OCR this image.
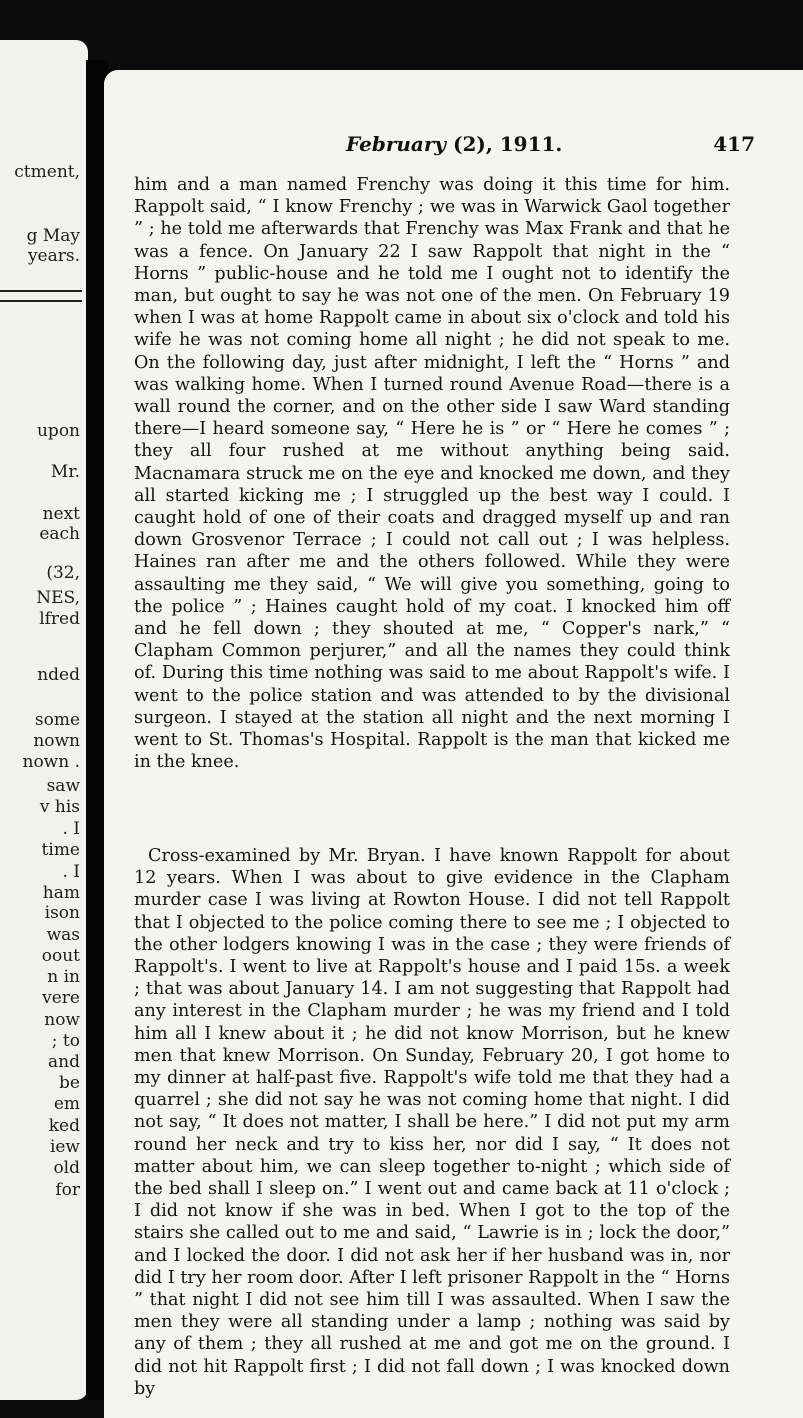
ctment,
g May
years.
upon
Mr.
next
each
(32,
NES,
lfred
nded
some
nown
nown .
saw
v his
. I
time
. I
ham
ison
was
oout
n in
vere
now
; to
and
be
em
ked
iew
old
for
February (2), 1911.	417

him and a man named Frenchy was doing it this time for him. Rappolt said, “ I know Frenchy ; we was in Warwick Gaol together ” ; he told me afterwards that Frenchy was Max Frank and that he was a fence. On January 22 I saw Rappolt that night in the “ Horns ” public-house and he told me I ought not to identify the man, but ought to say he was not one of the men. On February 19 when I was at home Rappolt came in about six o'clock and told his wife he was not coming home all night ; he did not speak to me. On the following day, just after midnight, I left the “ Horns ” and was walking home. When I turned round Avenue Road—there is a wall round the corner, and on the other side I saw Ward standing there—I heard someone say, “ Here he is ” or “ Here he comes ” ; they all four rushed at me without anything being said. Macnamara struck me on the eye and knocked me down, and they all started kicking me ; I struggled up the best way I could. I caught hold of one of their coats and dragged myself up and ran down Grosvenor Terrace ; I could not call out ; I was helpless. Haines ran after me and the others followed. While they were assaulting me they said, “ We will give you something, going to the police ” ; Haines caught hold of my coat. I knocked him off and he fell down ; they shouted at me, “ Copper's nark,” “ Clapham Common perjurer,” and all the names they could think of. During this time nothing was said to me about Rappolt's wife. I went to the police station and was attended to by the divisional surgeon. I stayed at the station all night and the next morning I went to St. Thomas's Hospital. Rappolt is the man that kicked me in the knee.

Cross-examined by Mr. Bryan. I have known Rappolt for about 12 years. When I was about to give evidence in the Clapham murder case I was living at Rowton House. I did not tell Rappolt that I objected to the police coming there to see me ; I objected to the other lodgers knowing I was in the case ; they were friends of Rappolt's. I went to live at Rappolt's house and I paid 15s. a week ; that was about January 14. I am not suggesting that Rappolt had any interest in the Clapham murder ; he was my friend and I told him all I knew about it ; he did not know Morrison, but he knew men that knew Morrison. On Sunday, February 20, I got home to my dinner at half-past five. Rappolt's wife told me that they had a quarrel ; she did not say he was not coming home that night. I did not say, “ It does not matter, I shall be here.” I did not put my arm round her neck and try to kiss her, nor did I say, “ It does not matter about him, we can sleep together to-night ; which side of the bed shall I sleep on.” I went out and came back at 11 o'clock ; I did not know if she was in bed. When I got to the top of the stairs she called out to me and said, “ Lawrie is in ; lock the door,” and I locked the door. I did not ask her if her husband was in, nor did I try her room door. After I left prisoner Rappolt in the “ Horns ” that night I did not see him till I was assaulted. When I saw the men they were all standing under a lamp ; nothing was said by any of them ; they all rushed at me and got me on the ground. I did not hit Rappolt first ; I did not fall down ; I was knocked down by
